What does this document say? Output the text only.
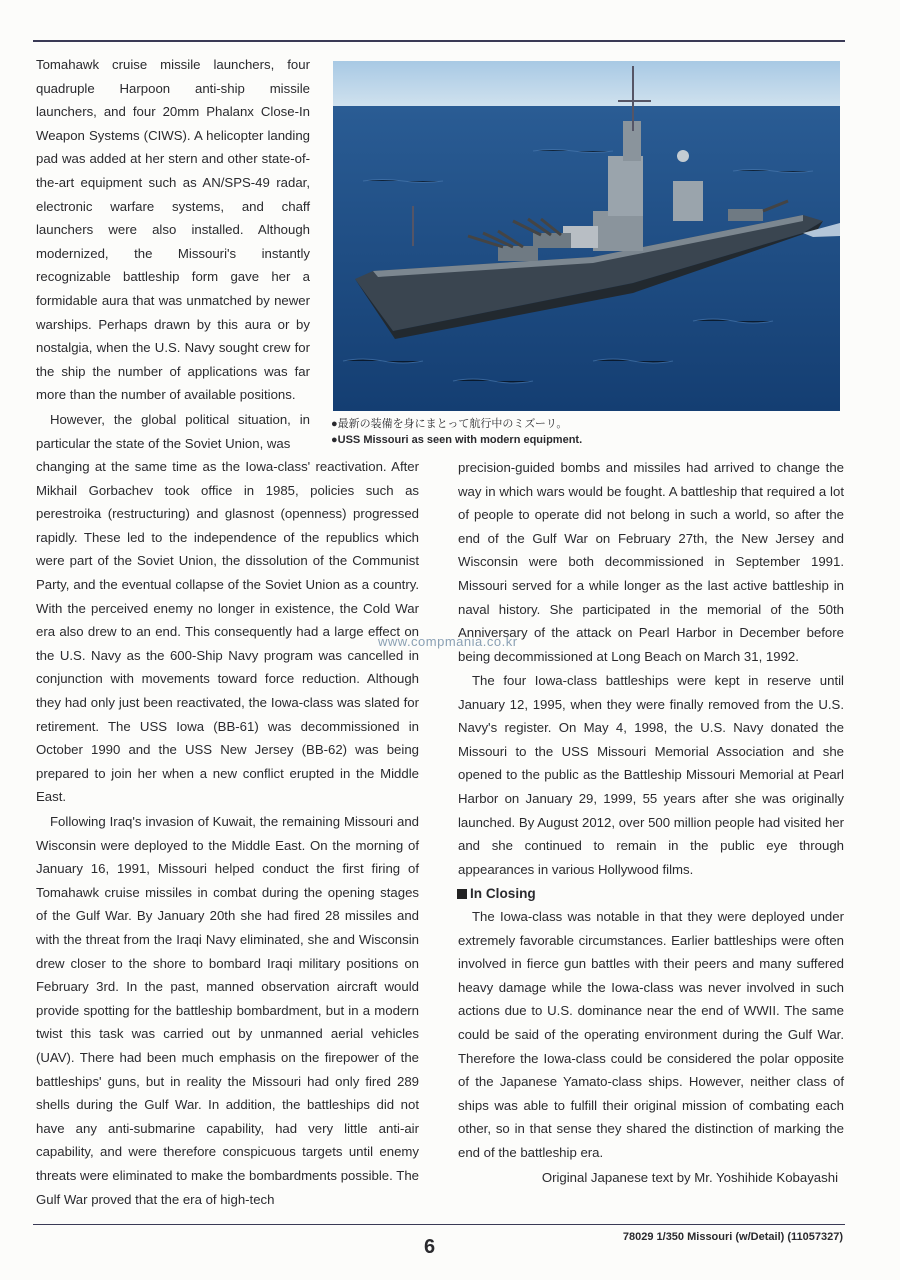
Tomahawk cruise missile launchers, four quadruple Harpoon anti-ship missile launchers, and four 20mm Phalanx Close-In Weapon Systems (CIWS). A helicopter landing pad was added at her stern and other state-of-the-art equipment such as AN/SPS-49 radar, electronic warfare systems, and chaff launchers were also installed. Although modernized, the Missouri's instantly recognizable battleship form gave her a formidable aura that was unmatched by newer warships. Perhaps drawn by this aura or by nostalgia, when the U.S. Navy sought crew for the ship the number of applications was far more than the number of available positions.

However, the global political situation, in particular the state of the Soviet Union, was

●最新の装備を身にまとって航行中のミズーリ。
●USS Missouri as seen with modern equipment.

changing at the same time as the Iowa-class' reactivation. After Mikhail Gorbachev took office in 1985, policies such as perestroika (restructuring) and glasnost (openness) progressed rapidly. These led to the independence of the republics which were part of the Soviet Union, the dissolution of the Communist Party, and the eventual collapse of the Soviet Union as a country. With the perceived enemy no longer in existence, the Cold War era also drew to an end. This consequently had a large effect on the U.S. Navy as the 600-Ship Navy program was cancelled in conjunction with movements toward force reduction. Although they had only just been reactivated, the Iowa-class was slated for retirement. The USS Iowa (BB-61) was decommissioned in October 1990 and the USS New Jersey (BB-62) was being prepared to join her when a new conflict erupted in the Middle East.

Following Iraq's invasion of Kuwait, the remaining Missouri and Wisconsin were deployed to the Middle East. On the morning of January 16, 1991, Missouri helped conduct the first firing of Tomahawk cruise missiles in combat during the opening stages of the Gulf War. By January 20th she had fired 28 missiles and with the threat from the Iraqi Navy eliminated, she and Wisconsin drew closer to the shore to bombard Iraqi military positions on February 3rd. In the past, manned observation aircraft would provide spotting for the battleship bombardment, but in a modern twist this task was carried out by unmanned aerial vehicles (UAV). There had been much emphasis on the firepower of the battleships' guns, but in reality the Missouri had only fired 289 shells during the Gulf War. In addition, the battleships did not have any anti-submarine capability, had very little anti-air capability, and were therefore conspicuous targets until enemy threats were eliminated to make the bombardments possible. The Gulf War proved that the era of high-tech

precision-guided bombs and missiles had arrived to change the way in which wars would be fought. A battleship that required a lot of people to operate did not belong in such a world, so after the end of the Gulf War on February 27th, the New Jersey and Wisconsin were both decommissioned in September 1991. Missouri served for a while longer as the last active battleship in naval history. She participated in the memorial of the 50th Anniversary of the attack on Pearl Harbor in December before being decommissioned at Long Beach on March 31, 1992.

The four Iowa-class battleships were kept in reserve until January 12, 1995, when they were finally removed from the U.S. Navy's register. On May 4, 1998, the U.S. Navy donated the Missouri to the USS Missouri Memorial Association and she opened to the public as the Battleship Missouri Memorial at Pearl Harbor on January 29, 1999, 55 years after she was originally launched. By August 2012, over 500 million people had visited her and she continued to remain in the public eye through appearances in various Hollywood films.

In Closing

The Iowa-class was notable in that they were deployed under extremely favorable circumstances. Earlier battleships were often involved in fierce gun battles with their peers and many suffered heavy damage while the Iowa-class was never involved in such actions due to U.S. dominance near the end of WWII. The same could be said of the operating environment during the Gulf War. Therefore the Iowa-class could be considered the polar opposite of the Japanese Yamato-class ships. However, neither class of ships was able to fulfill their original mission of combating each other, so in that sense they shared the distinction of marking the end of the battleship era.

Original Japanese text by Mr. Yoshihide Kobayashi

www.compmania.co.kr

6	78029 1/350 Missouri (w/Detail) (11057327)
